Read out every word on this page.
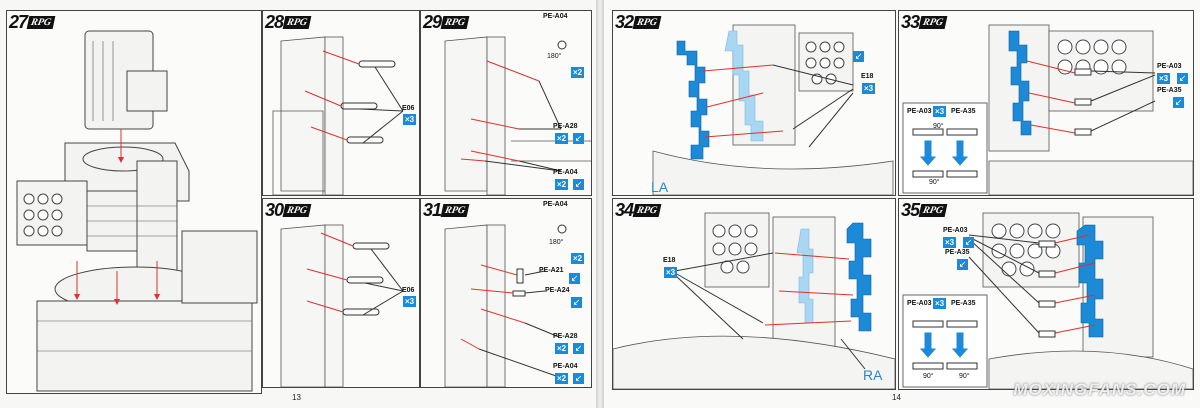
27 RPG	28 RPG
E06
×3
29 RPG	PE-A04
180°
×2
PE-A28
×2 ↙
PE-A04
×2 ↙
30 RPG
E06
×3
31 RPG	PE-A04
180°
×2
PE-A21
↙
PE-A24
↙
PE-A28
×2 ↙
PE-A04
×2 ↙
13
32 RPG
↙
E18
×3
LA
33 RPG
PE-A03
×3 ↙
PE-A35
↙
PE-A03 ×3 PE-A35
90°
90°
34 RPG
E18
×3
RA
35 RPG
PE-A03
×3 ↙
PE-A35
↙
PE-A03 ×3 PE-A35
90°	90°
14	MOXINGFANS.COM
